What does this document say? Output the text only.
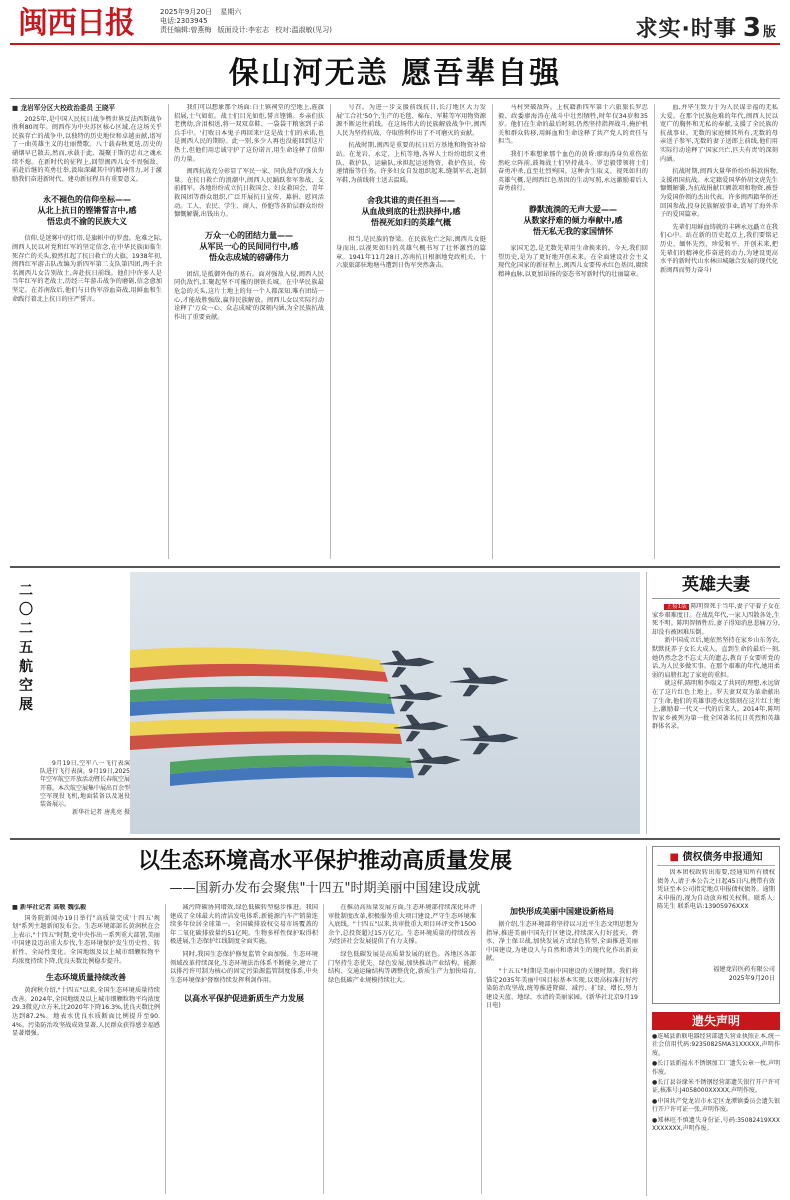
闽西日报	2025年9月20日 星期六
电话:2303945
责任编辑:曾燕梅 版面设计:李宏志 校对:温淑敏(见习)	求实·时事 3 版
保山河无恙 愿吾辈自强
■ 龙岩军分区大校政治委员 王晓平

2025年,是中国人民抗日战争暨世界反法西斯战争胜利80周年。闽西作为中央苏区核心区域,在这场关乎民族存亡的战争中,以独特的历史地位和卓越贡献,谱写了一曲英雄主义的壮丽赞歌。八十载春秋更迭,历史的硝烟早已散去,然而,承载于此、凝聚于斯的忠贞之魂永续不熄。在新时代的征程上,回望闽西儿女不畏强敌、前赴后继的英勇壮举,汲取深藏其中的精神伟力,对于激励我们奋进新时代、建功新征程具有重要意义。

永不褪色的信仰坐标——
从北上抗日的铿锵誓言中,感
悟忠贞不渝的民族大义

信仰,是迷雾中的灯塔,是旗帜中的罗盘。危难之际,闽西人民以对党和红军的坚定信念,在中华民族面临生死存亡的关头,毅然扛起了抗日救亡的大旗。1938年初,闽西红军游击队改编为新四军第二支队第四团,两千余名闽西儿女告别故土,奔赴抗日前线。他们中许多人是当年红军的老战士,历经三年游击战争的磨砺,信念愈加坚定。在苏南敌后,他们与日伪军浴血奋战,用鲜血和生命践行着北上抗日的庄严誓言。

我们可以想象那个场面:白土镇祠堂的空地上,旌旗招展,士气如虹。战士们目光如炬,誓言铿锵。乡亲们扶老携幼,含泪相送,将一双双草鞋、一袋袋干粮塞到子弟兵手中。'打败日本鬼子再回来!'这是战士们的承诺,也是闽西人民的期盼。此一别,多少人再也没能回到这片热土,但他们用忠诚守护了这份诺言,用生命诠释了信仰的力量。

闽西抗战充分彰显了军民一家、同仇敌忾的强大力量。在抗日救亡的浪潮中,闽西人民踊跃参军参战、支前拥军。各地纷纷成立抗日救国会、妇女救国会、青年救国团等群众组织,广泛开展抗日宣传、募捐、慰问活动。工人、农民、学生、商人、侨胞等各阶层群众纷纷慷慨解囊,出钱出力。

万众一心的团结力量——
从军民一心的民间同行中,感
悟众志成城的磅礴伟力

团结,是抵御外侮的基石。面对强敌入侵,闽西人民同仇敌忾,汇聚起坚不可摧的钢铁长城。在中华民族最危急的关头,这片土地上的每一个人都深知,唯有团结一心,才能战胜强敌,赢得民族解放。闽西儿女以实际行动诠释了'万众一心、众志成城'的深刻内涵,为全民族抗战作出了重要贡献。

号召。为进一步支援前线抗日,长汀地区大力发展'工合社'50个,生产的毛毯、棉布、军鞋等军用物资源源不断运往前线。在这场伟大的民族解放战争中,闽西人民为坚持抗战、夺取胜利作出了不可磨灭的贡献。

抗战时期,闽西是重要的抗日后方基地和物资补给站。在龙岩、永定、上杭等地,各界人士纷纷组织义勇队、救护队、运输队,承担起运送物资、救护伤员、传递情报等任务。许多妇女自发组织起来,缝制军衣,赶制军鞋,为前线将士送去温暖。

舍我其谁的责任担当——
从血战到底的壮烈抉择中,感
悟视死如归的英雄气概

担当,是民族的脊梁。在民族危亡之际,闽西儿女挺身而出,以视死如归的英雄气概书写了壮怀激烈的篇章。1941年11月28日,苏南抗日根据地党政机关、十六旅旅部驻地塘马遭到日伪军突然袭击。

马村突破敌阵。上杭籍新四军第十六旅旅长罗忠毅、政委廖海涛在战斗中壮烈牺牲,时年仅34岁和35岁。他们在生命的最后时刻,仍然坚持指挥战斗,掩护机关和群众转移,用鲜血和生命诠释了共产党人的责任与担当。

我们不难想象那个血色的黄昏:廖海涛身负重伤依然屹立阵前,鼓舞战士们坚持战斗。罗忠毅带领将士们奋勇冲杀,直至壮烈殉国。这种舍生取义、视死如归的英雄气概,是闽西红色基因的生动写照,永远激励着后人奋勇前行。

静默流淌的无声大爱——
从数家抒难的倾力奉献中,感
悟无私无我的家国情怀

家国无恙,是无数先辈用生命换来的。今天,我们回望历史,是为了更好地开创未来。在全面建设社会主义现代化国家的新征程上,闽西儿女要传承红色基因,赓续精神血脉,以更加昂扬的姿态书写新时代的壮丽篇章。

血,并毕生致力于为人民谋幸福的无私大爱。在那个民族危难的年代,闽西人民以宽广的胸怀和无私的奉献,支援了全民族的抗战事业。无数的家庭倾其所有,无数的母亲送子参军,无数的妻子送郎上前线,他们用实际行动诠释了'国家兴亡,匹夫有责'的深刻内涵。

抗战时期,闽西大量华侨纷纷捐款捐物,支援祖国抗战。永定籍爱国华侨胡文虎先生慷慨解囊,为抗战捐献巨额款项和物资,被誉为爱国侨领的杰出代表。许多闽西籍华侨还回国参战,投身民族解放事业,谱写了海外赤子的爱国篇章。

先辈们用鲜血铸就的丰碑永远矗立在我们心中。站在新的历史起点上,我们要铭记历史、缅怀先烈、珍爱和平、开创未来,把先辈们的精神化作奋进的动力,为建设更高水平的新时代山水林田城融合发展的现代化新闽西而努力奋斗!

二
〇
二
五
航
空
展

9月19日,空军八一飞行表演队进行飞行表演。9月19日,2025年空军航空开放活动暨长春航空展开幕。本次航空展集中展出百余型空军现役飞机,地面装备以及退役装备展示。

新华社记者 唐兆亮 摄
英雄夫妻

上接1版 陈明智死于当年,妻子守着子女在家乡艰难度日。在战乱年代,一家人四散各处,生死不明。陈明智牺牲后,妻子得知消息悲痛万分,却没有被困难压倒。

新中国成立后,她依然坚持在家乡山东务农,默默抚养子女长大成人。直到生命的最后一刻,她仍然念念不忘丈夫的遗志,教育子女要听党的话,为人民多做实事。在那个艰难的年代,她用柔弱的肩膀扛起了家庭的重担。

就这样,陈明和李瑞义了共同的理想,永远留在了这片红色土地上。罗夫妻双双为革命献出了生命,他们的英雄事迹永远铭刻在这片红土地上,激励着一代又一代的后来人。2014年,陈明智家乡被列为第一批全国著名抗日英烈和英雄群体名录。

以生态环境高水平保护推动高质量发展
——国新办发布会聚焦"十四五"时期美丽中国建设成就
■ 新华社记者 高敬 魏弘毅

国务院新闻办19日举行"高质量完成'十四五'规划"系列主题新闻发布会。生态环境部部长黄润秋在会上表示,"十四五"时期,党中央作出一系列重大部署,美丽中国建设迈出重大步伐,生态环境保护发生历史性、转折性、全局性变化。全国地级及以上城市细颗粒物平均浓度持续下降,优良天数比例稳步提升。

生态环境质量持续改善

黄润秋介绍,"十四五"以来,全国生态环境质量持续改善。2024年,全国地级及以上城市细颗粒物平均浓度29.3微克/立方米,比2020年下降16.3%,优良天数比例达到87.2%。地表水优良水质断面比例提升至90.4%。污染防治攻坚战成效显著,人民群众获得感幸福感显著增强。

减污降碳协同增效,绿色低碳转型稳步推进。我国建成了全球最大的清洁发电体系,新能源汽车产销量连续多年位居全球第一。全国碳排放权交易市场覆盖的年二氧化碳排放量约51亿吨。生物多样性保护取得积极进展,生态保护红线制度全面实施。

同时,我国生态保护修复监管全面加强。生态环境领域改革持续深化,生态环境法治体系不断健全,建立了以排污许可制为核心的固定污染源监管制度体系,中央生态环境保护督察持续发挥利剑作用。

以高水平保护促进新质生产力发展

在推动高质量发展方面,生态环境部持续深化环评审批制度改革,积极服务重大项目建设,严守生态环境准入底线。"十四五"以来,共审批重大项目环评文件1500余个,总投资超过15万亿元。生态环境质量的持续改善为经济社会发展提供了有力支撑。

绿色低碳发展是高质量发展的底色。各地区各部门坚持生态优先、绿色发展,加快推动产业结构、能源结构、交通运输结构等调整优化,新质生产力加快培育,绿色低碳产业规模持续壮大。

加快形成美丽中国建设新格局

据介绍,生态环境部将坚持以习近平生态文明思想为指导,推进美丽中国先行区建设,持续深入打好蓝天、碧水、净土保卫战,加快发展方式绿色转型,全面推进美丽中国建设,为建设人与自然和谐共生的现代化作出新贡献。

"十五五"时期是美丽中国建设的关键时期。我们将锚定2035年美丽中国目标基本实现,以更高标准打好污染防治攻坚战,统筹推进降碳、减污、扩绿、增长,努力建设天蓝、地绿、水清的美丽家园。(新华社北京9月19日电)

■ 债权债务申报通知

因本团校政转出需要,经通知所有债权债务人,请于本公告之日起45日内,携带有效凭证至本公司指定地点申报债权债务。逾期未申报的,视为自动放弃相关权利。联系人:陈先生 联系电话:13905976XXX

福建龙岩医药有限公司
2025年9月20日
遗失声明
●连城县新联电器经营部遗失营业执照正本,统一社会信用代码:92350825MA31XXXXX,声明作废。
●长汀县新福水不锈钢加工厂遗失公章一枚,声明作废。
●长汀县谷缘米不锈钢经营部遗失银行开户许可证,核准号:J4058000XXXXX,声明作废。
●中国共产党龙岩市永定区龙潭镇委员会遗失银行开户许可证一张,声明作废。
●郑林旺不慎遗失身份证,号码:35082419XXXXXXXXXX,声明作废。
